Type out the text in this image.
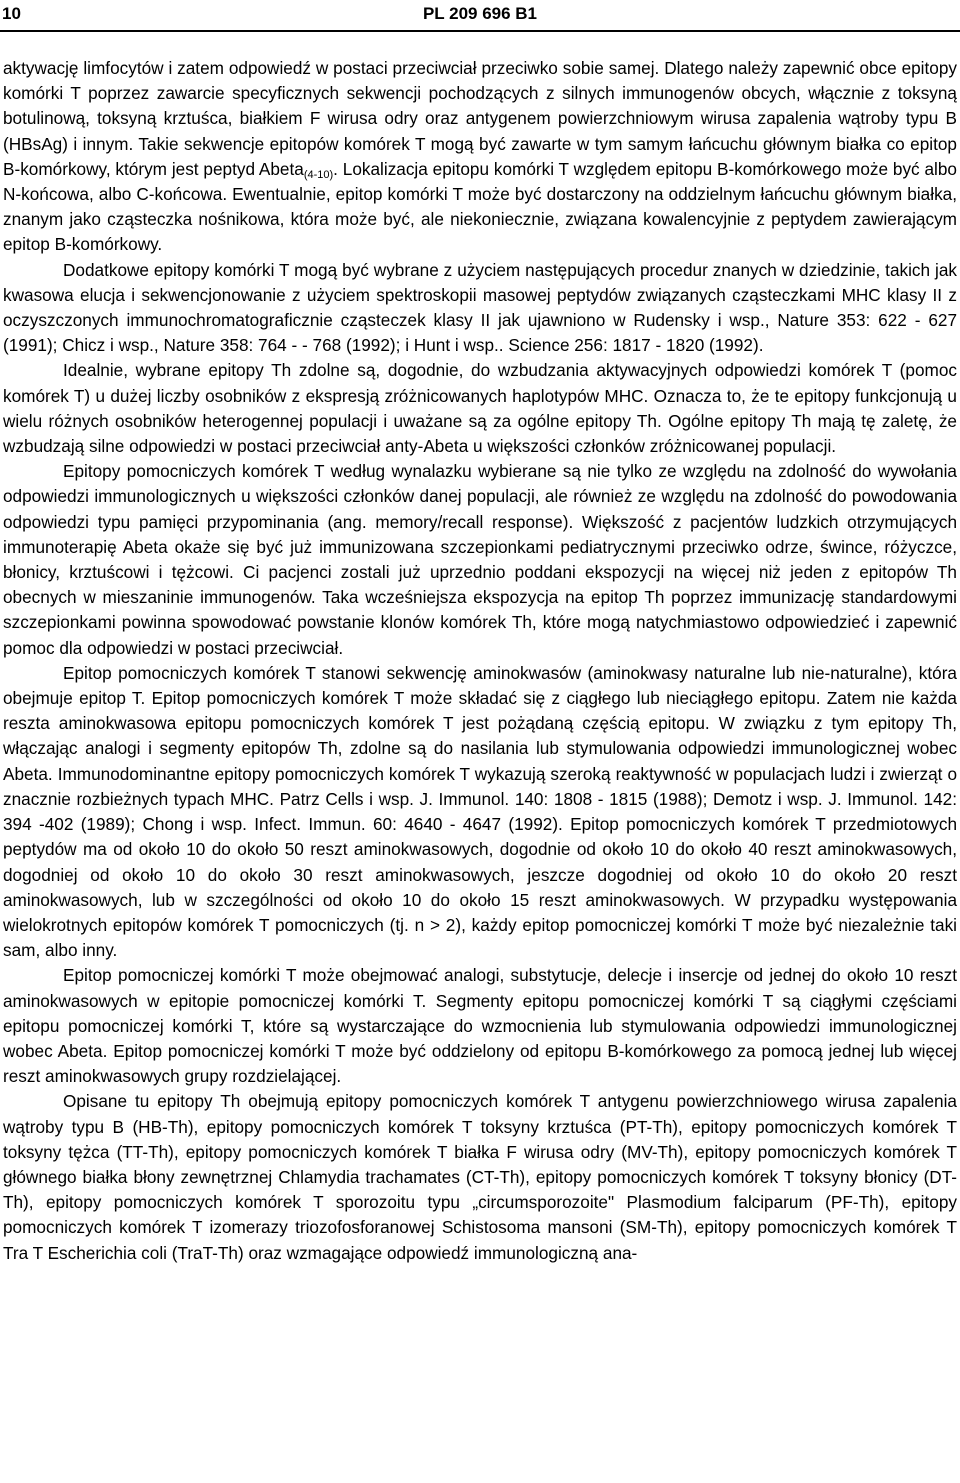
10	PL 209 696 B1

aktywację limfocytów i zatem odpowiedź w postaci przeciwciał przeciwko sobie samej. Dlatego należy zapewnić obce epitopy komórki T poprzez zawarcie specyficznych sekwencji pochodzących z silnych immunogenów obcych, włącznie z toksyną botulinową, toksyną krztuśca, białkiem F wirusa odry oraz antygenem powierzchniowym wirusa zapalenia wątroby typu B (HBsAg) i innym. Takie sekwencje epitopów komórek T mogą być zawarte w tym samym łańcuchu głównym białka co epitop B-komórkowy, którym jest peptyd Abeta$_{(4-10)}$. Lokalizacja epitopu komórki T względem epitopu B-komórkowego może być albo N-końcowa, albo C-końcowa. Ewentualnie, epitop komórki T może być dostarczony na oddzielnym łańcuchu głównym białka, znanym jako cząsteczka nośnikowa, która może być, ale niekoniecznie, związana kowalencyjnie z peptydem zawierającym epitop B-komórkowy.

Dodatkowe epitopy komórki T mogą być wybrane z użyciem następujących procedur znanych w dziedzinie, takich jak kwasowa elucja i sekwencjonowanie z użyciem spektroskopii masowej peptydów związanych cząsteczkami MHC klasy II z oczyszczonych immunochromatograficznie cząsteczek klasy II jak ujawniono w Rudensky i wsp., Nature 353: 622 - 627 (1991); Chicz i wsp., Nature 358: 764 - - 768 (1992); i Hunt i wsp.. Science 256: 1817 - 1820 (1992).

Idealnie, wybrane epitopy Th zdolne są, dogodnie, do wzbudzania aktywacyjnych odpowiedzi komórek T (pomoc komórek T) u dużej liczby osobników z ekspresją zróżnicowanych haplotypów MHC. Oznacza to, że te epitopy funkcjonują u wielu różnych osobników heterogennej populacji i uważane są za ogólne epitopy Th. Ogólne epitopy Th mają tę zaletę, że wzbudzają silne odpowiedzi w postaci przeciwciał anty-Abeta u większości członków zróżnicowanej populacji.

Epitopy pomocniczych komórek T według wynalazku wybierane są nie tylko ze względu na zdolność do wywołania odpowiedzi immunologicznych u większości członków danej populacji, ale również ze względu na zdolność do powodowania odpowiedzi typu pamięci przypominania (ang. memory/recall response). Większość z pacjentów ludzkich otrzymujących immunoterapię Abeta okaże się być już immunizowana szczepionkami pediatrycznymi przeciwko odrze, śwince, różyczce, błonicy, krztuścowi i tężcowi. Ci pacjenci zostali już uprzednio poddani ekspozycji na więcej niż jeden z epitopów Th obecnych w mieszaninie immunogenów. Taka wcześniejsza ekspozycja na epitop Th poprzez immunizację standardowymi szczepionkami powinna spowodować powstanie klonów komórek Th, które mogą natychmiastowo odpowiedzieć i zapewnić pomoc dla odpowiedzi w postaci przeciwciał.

Epitop pomocniczych komórek T stanowi sekwencję aminokwasów (aminokwasy naturalne lub nie-naturalne), która obejmuje epitop T. Epitop pomocniczych komórek T może składać się z ciągłego lub nieciągłego epitopu. Zatem nie każda reszta aminokwasowa epitopu pomocniczych komórek T jest pożądaną częścią epitopu. W związku z tym epitopy Th, włączając analogi i segmenty epitopów Th, zdolne są do nasilania lub stymulowania odpowiedzi immunologicznej wobec Abeta. Immunodominantne epitopy pomocniczych komórek T wykazują szeroką reaktywność w populacjach ludzi i zwierząt o znacznie rozbieżnych typach MHC. Patrz Cells i wsp. J. Immunol. 140: 1808 - 1815 (1988); Demotz i wsp. J. Immunol. 142: 394 -402 (1989); Chong i wsp. Infect. Immun. 60: 4640 - 4647 (1992). Epitop pomocniczych komórek T przedmiotowych peptydów ma od około 10 do około 50 reszt aminokwasowych, dogodnie od około 10 do około 40 reszt aminokwasowych, dogodniej od około 10 do około 30 reszt aminokwasowych, jeszcze dogodniej od około 10 do około 20 reszt aminokwasowych, lub w szczególności od około 10 do około 15 reszt aminokwasowych. W przypadku występowania wielokrotnych epitopów komórek T pomocniczych (tj. n > 2), każdy epitop pomocniczej komórki T może być niezależnie taki sam, albo inny.

Epitop pomocniczej komórki T może obejmować analogi, substytucje, delecje i insercje od jednej do około 10 reszt aminokwasowych w epitopie pomocniczej komórki T. Segmenty epitopu pomocniczej komórki T są ciągłymi częściami epitopu pomocniczej komórki T, które są wystarczające do wzmocnienia lub stymulowania odpowiedzi immunologicznej wobec Abeta. Epitop pomocniczej komórki T może być oddzielony od epitopu B-komórkowego za pomocą jednej lub więcej reszt aminokwasowych grupy rozdzielającej.

Opisane tu epitopy Th obejmują epitopy pomocniczych komórek T antygenu powierzchniowego wirusa zapalenia wątroby typu B (HB-Th), epitopy pomocniczych komórek T toksyny krztuśca (PT-Th), epitopy pomocniczych komórek T toksyny tężca (TT-Th), epitopy pomocniczych komórek T białka F wirusa odry (MV-Th), epitopy pomocniczych komórek T głównego białka błony zewnętrznej Chlamydia trachamates (CT-Th), epitopy pomocniczych komórek T toksyny błonicy (DT-Th), epitopy pomocniczych komórek T sporozoitu typu „circumsporozoite" Plasmodium falciparum (PF-Th), epitopy pomocniczych komórek T izomerazy triozofosforanowej Schistosoma mansoni (SM-Th), epitopy pomocniczych komórek T Tra T Escherichia coli (TraT-Th) oraz wzmagające odpowiedź immunologiczną ana-
